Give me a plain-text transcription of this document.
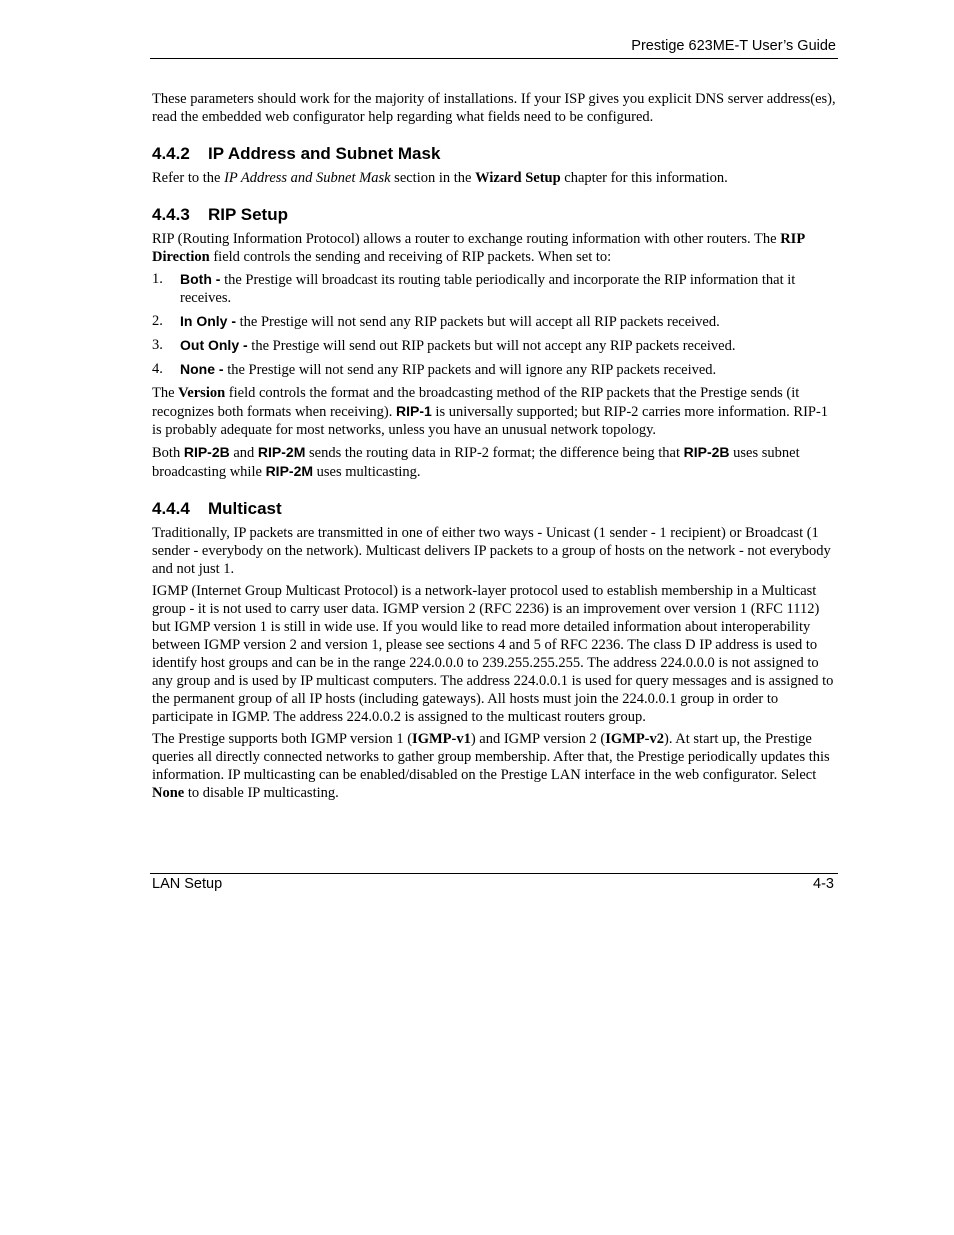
Prestige 623ME-T User’s Guide

These parameters should work for the majority of installations. If your ISP gives you explicit DNS server address(es), read the embedded web configurator help regarding what fields need to be configured.

4.4.2 IP Address and Subnet Mask

Refer to the IP Address and Subnet Mask section in the Wizard Setup chapter for this information.

4.4.3 RIP Setup

RIP (Routing Information Protocol) allows a router to exchange routing information with other routers. The RIP Direction field controls the sending and receiving of RIP packets. When set to:

1. Both - the Prestige will broadcast its routing table periodically and incorporate the RIP information that it receives.
2. In Only - the Prestige will not send any RIP packets but will accept all RIP packets received.
3. Out Only - the Prestige will send out RIP packets but will not accept any RIP packets received.
4. None - the Prestige will not send any RIP packets and will ignore any RIP packets received.

The Version field controls the format and the broadcasting method of the RIP packets that the Prestige sends (it recognizes both formats when receiving). RIP-1 is universally supported; but RIP-2 carries more information. RIP-1 is probably adequate for most networks, unless you have an unusual network topology.

Both RIP-2B and RIP-2M sends the routing data in RIP-2 format; the difference being that RIP-2B uses subnet broadcasting while RIP-2M uses multicasting.

4.4.4 Multicast

Traditionally, IP packets are transmitted in one of either two ways - Unicast (1 sender - 1 recipient) or Broadcast (1 sender - everybody on the network). Multicast delivers IP packets to a group of hosts on the network - not everybody and not just 1.

IGMP (Internet Group Multicast Protocol) is a network-layer protocol used to establish membership in a Multicast group - it is not used to carry user data. IGMP version 2 (RFC 2236) is an improvement over version 1 (RFC 1112) but IGMP version 1 is still in wide use. If you would like to read more detailed information about interoperability between IGMP version 2 and version 1, please see sections 4 and 5 of RFC 2236. The class D IP address is used to identify host groups and can be in the range 224.0.0.0 to 239.255.255.255. The address 224.0.0.0 is not assigned to any group and is used by IP multicast computers. The address 224.0.0.1 is used for query messages and is assigned to the permanent group of all IP hosts (including gateways). All hosts must join the 224.0.0.1 group in order to participate in IGMP. The address 224.0.0.2 is assigned to the multicast routers group.

The Prestige supports both IGMP version 1 (IGMP-v1) and IGMP version 2 (IGMP-v2). At start up, the Prestige queries all directly connected networks to gather group membership. After that, the Prestige periodically updates this information. IP multicasting can be enabled/disabled on the Prestige LAN interface in the web configurator. Select None to disable IP multicasting.

LAN Setup	4-3
